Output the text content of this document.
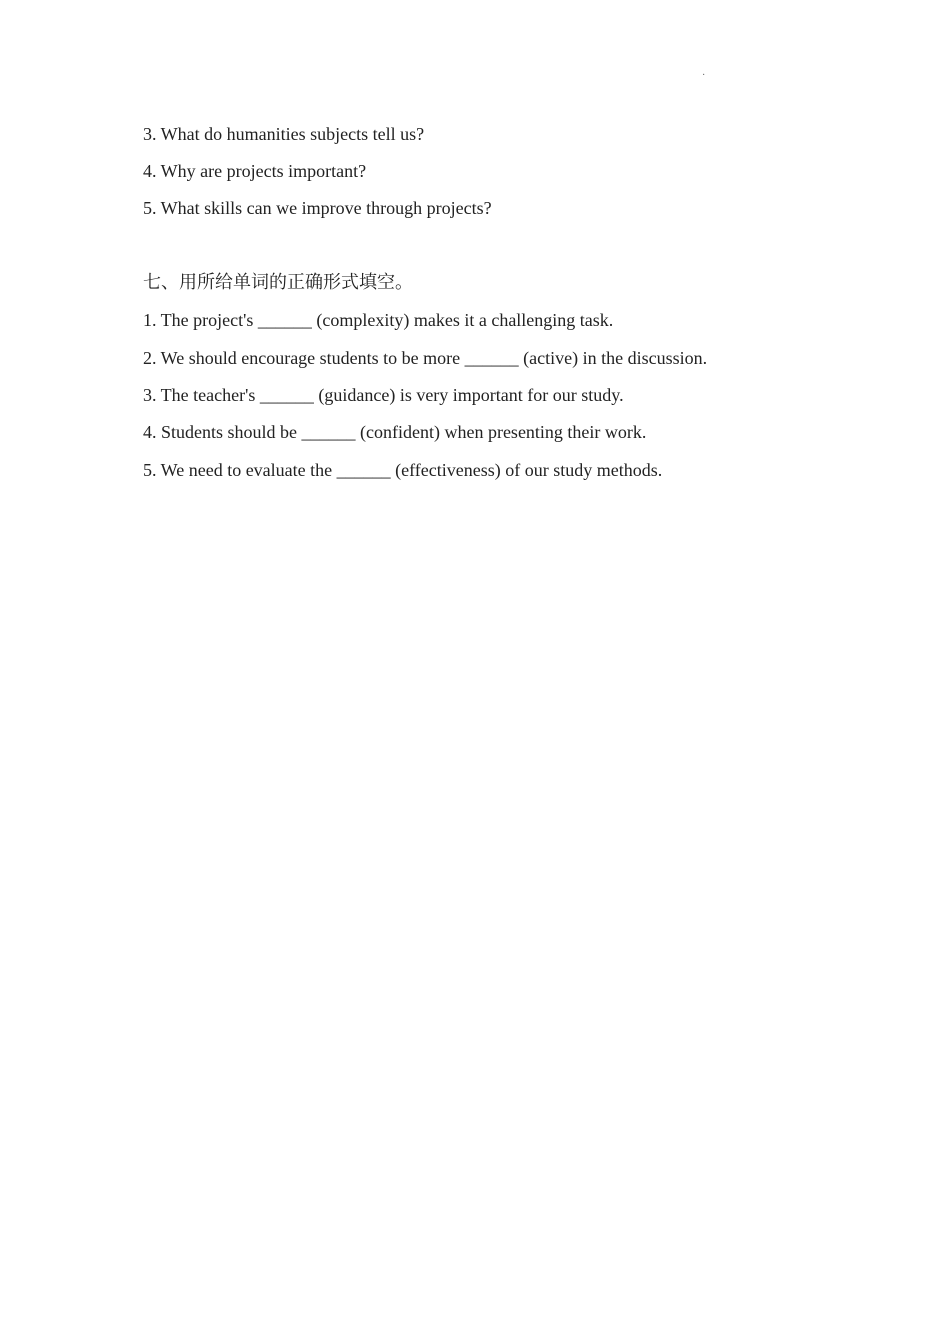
·
3. What do humanities subjects tell us?
4. Why are projects important?
5. What skills can we improve through projects?
七、用所给单词的正确形式填空。
1. The project's ______ (complexity) makes it a challenging task.
2. We should encourage students to be more ______ (active) in the discussion.
3. The teacher's ______ (guidance) is very important for our study.
4. Students should be ______ (confident) when presenting their work.
5. We need to evaluate the ______ (effectiveness) of our study methods.
